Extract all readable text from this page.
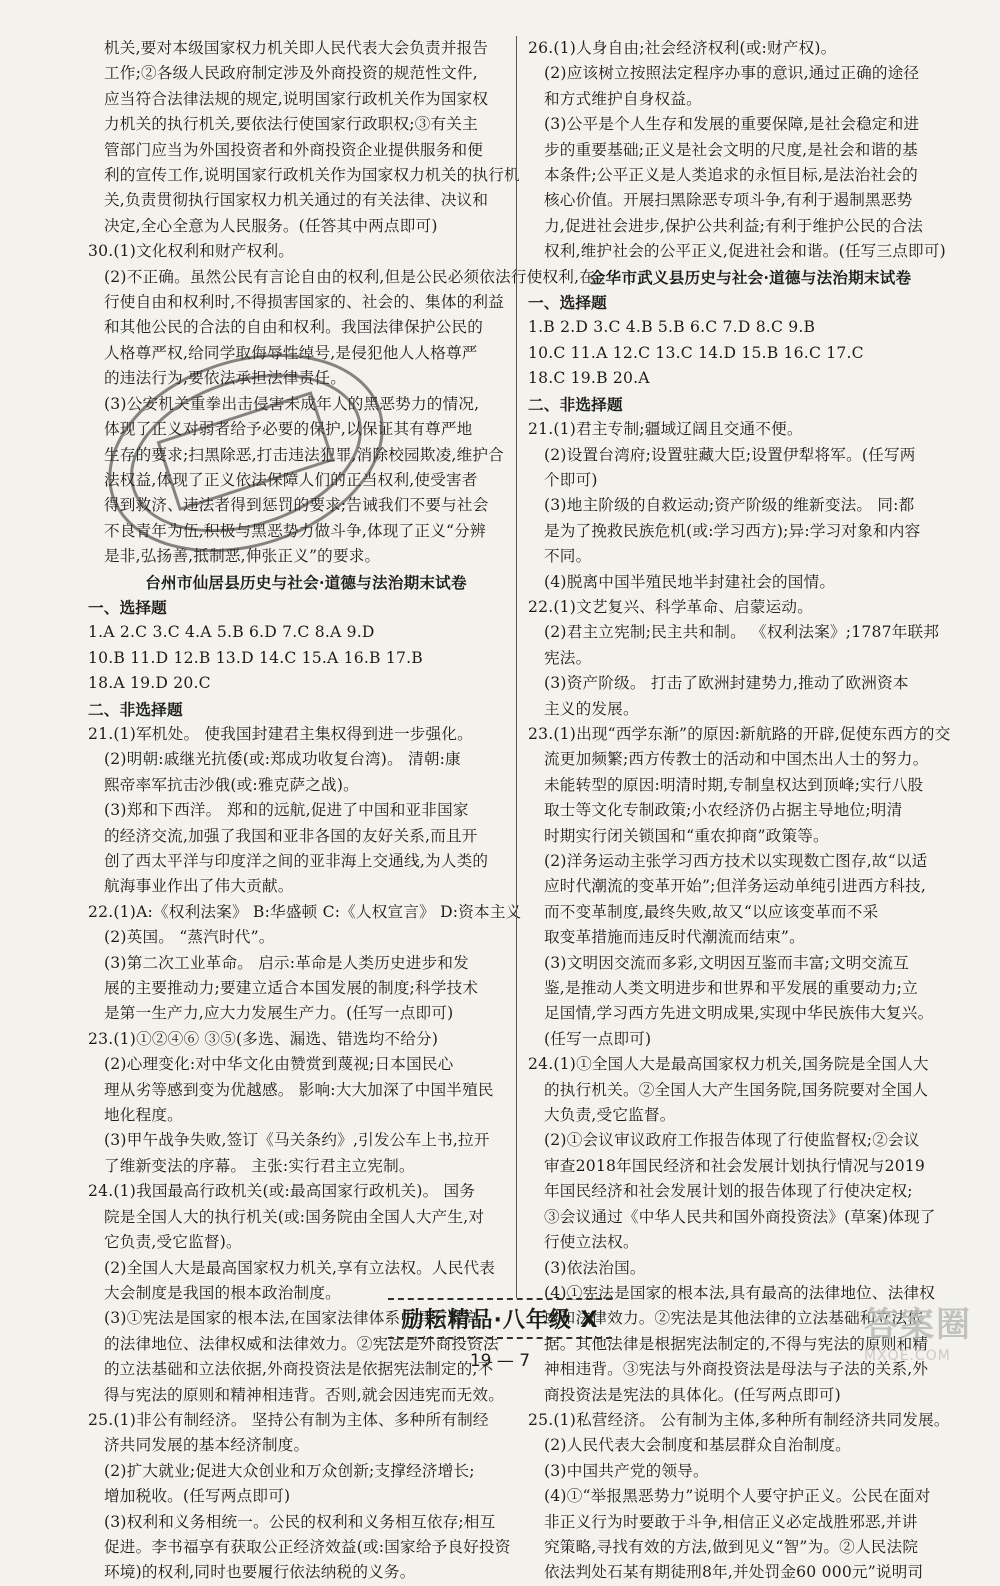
机关,要对本级国家权力机关即人民代表大会负责并报告
工作;②各级人民政府制定涉及外商投资的规范性文件,
应当符合法律法规的规定,说明国家行政机关作为国家权
力机关的执行机关,要依法行使国家行政职权;③有关主
管部门应当为外国投资者和外商投资企业提供服务和便
利的宣传工作,说明国家行政机关作为国家权力机关的执行机
关,负责贯彻执行国家权力机关通过的有关法律、决议和
决定,全心全意为人民服务。(任答其中两点即可)
30.(1)文化权利和财产权利。
(2)不正确。虽然公民有言论自由的权利,但是公民必须依法行使权利,在
行使自由和权利时,不得损害国家的、社会的、集体的利益
和其他公民的合法的自由和权利。我国法律保护公民的
人格尊严权,给同学取侮辱性绰号,是侵犯他人人格尊严
的违法行为,要依法承担法律责任。
(3)公安机关重拳出击侵害未成年人的黑恶势力的情况,
体现了正义对弱者给予必要的保护,以保证其有尊严地
生存的要求;扫黑除恶,打击违法犯罪,消除校园欺凌,维护合
法权益,体现了正义依法保障人们的正当权利,使受害者
得到救济、违法者得到惩罚的要求;告诫我们不要与社会
不良青年为伍,积极与黑恶势力做斗争,体现了正义“分辨
是非,弘扬善,抵制恶,伸张正义”的要求。
台州市仙居县历史与社会·道德与法治期末试卷
一、选择题
1.A 2.C 3.C 4.A 5.B 6.D 7.C 8.A 9.D
10.B 11.D 12.B 13.D 14.C 15.A 16.B 17.B
18.A 19.D 20.C
二、非选择题
21.(1)军机处。 使我国封建君主集权得到进一步强化。
(2)明朝:戚继光抗倭(或:郑成功收复台湾)。 清朝:康
熙帝率军抗击沙俄(或:雅克萨之战)。
(3)郑和下西洋。 郑和的远航,促进了中国和亚非国家
的经济交流,加强了我国和亚非各国的友好关系,而且开
创了西太平洋与印度洋之间的亚非海上交通线,为人类的
航海事业作出了伟大贡献。
22.(1)A:《权利法案》 B:华盛顿 C:《人权宣言》 D:资本主义
(2)英国。 “蒸汽时代”。
(3)第二次工业革命。 启示:革命是人类历史进步和发
展的主要推动力;要建立适合本国发展的制度;科学技术
是第一生产力,应大力发展生产力。(任写一点即可)
23.(1)①②④⑥ ③⑤(多选、漏选、错选均不给分)
(2)心理变化:对中华文化由赞赏到蔑视;日本国民心
理从劣等感到变为优越感。 影响:大大加深了中国半殖民
地化程度。
(3)甲午战争失败,签订《马关条约》,引发公车上书,拉开
了维新变法的序幕。 主张:实行君主立宪制。
24.(1)我国最高行政机关(或:最高国家行政机关)。 国务
院是全国人大的执行机关(或:国务院由全国人大产生,对
它负责,受它监督)。
(2)全国人大是最高国家权力机关,享有立法权。人民代表
大会制度是我国的根本政治制度。
(3)①宪法是国家的根本法,在国家法律体系中具有最高
的法律地位、法律权威和法律效力。②宪法是外商投资法
的立法基础和立法依据,外商投资法是依据宪法制定的,不
得与宪法的原则和精神相违背。否则,就会因违宪而无效。
25.(1)非公有制经济。 坚持公有制为主体、多种所有制经
济共同发展的基本经济制度。
(2)扩大就业;促进大众创业和万众创新;支撑经济增长;
增加税收。(任写两点即可)
(3)权利和义务相统一。公民的权利和义务相互依存;相互
促进。李书福享有获取公正经济效益(或:国家给予良好投资
环境)的权利,同时也要履行依法纳税的义务。
26.(1)人身自由;社会经济权利(或:财产权)。
(2)应该树立按照法定程序办事的意识,通过正确的途径
和方式维护自身权益。
(3)公平是个人生存和发展的重要保障,是社会稳定和进
步的重要基础;正义是社会文明的尺度,是社会和谐的基
本条件;公平正义是人类追求的永恒目标,是法治社会的
核心价值。开展扫黑除恶专项斗争,有利于遏制黑恶势
力,促进社会进步,保护公共利益;有利于维护公民的合法
权利,维护社会的公平正义,促进社会和谐。(任写三点即可)
金华市武义县历史与社会·道德与法治期末试卷
一、选择题
1.B 2.D 3.C 4.B 5.B 6.C 7.D 8.C 9.B
10.C 11.A 12.C 13.C 14.D 15.B 16.C 17.C
18.C 19.B 20.A
二、非选择题
21.(1)君主专制;疆域辽阔且交通不便。
(2)设置台湾府;设置驻藏大臣;设置伊犁将军。(任写两
个即可)
(3)地主阶级的自救运动;资产阶级的维新变法。 同:都
是为了挽救民族危机(或:学习西方);异:学习对象和内容
不同。
(4)脱离中国半殖民地半封建社会的国情。
22.(1)文艺复兴、科学革命、启蒙运动。
(2)君主立宪制;民主共和制。 《权利法案》;1787年联邦
宪法。
(3)资产阶级。 打击了欧洲封建势力,推动了欧洲资本
主义的发展。
23.(1)出现“西学东渐”的原因:新航路的开辟,促使东西方的交
流更加频繁;西方传教士的活动和中国杰出人士的努力。
未能转型的原因:明清时期,专制皇权达到顶峰;实行八股
取士等文化专制政策;小农经济仍占据主导地位;明清
时期实行闭关锁国和“重农抑商”政策等。
(2)洋务运动主张学习西方技术以实现数亡图存,故“以适
应时代潮流的变革开始”;但洋务运动单纯引进西方科技,
而不变革制度,最终失败,故又“以应该变革而不采
取变革措施而违反时代潮流而结束”。
(3)文明因交流而多彩,文明因互鉴而丰富;文明交流互
鉴,是推动人类文明进步和世界和平发展的重要动力;立
足国情,学习西方先进文明成果,实现中华民族伟大复兴。
(任写一点即可)
24.(1)①全国人大是最高国家权力机关,国务院是全国人大
的执行机关。②全国人大产生国务院,国务院要对全国人
大负责,受它监督。
(2)①会议审议政府工作报告体现了行使监督权;②会议
审查2018年国民经济和社会发展计划执行情况与2019
年国民经济和社会发展计划的报告体现了行使决定权;
③会议通过《中华人民共和国外商投资法》(草案)体现了
行使立法权。
(3)依法治国。
(4)①宪法是国家的根本法,具有最高的法律地位、法律权
威和法律效力。②宪法是其他法律的立法基础和立法依
据。其他法律是根据宪法制定的,不得与宪法的原则和精
神相违背。③宪法与外商投资法是母法与子法的关系,外
商投资法是宪法的具体化。(任写两点即可)
25.(1)私营经济。 公有制为主体,多种所有制经济共同发展。
(2)人民代表大会制度和基层群众自治制度。
(3)中国共产党的领导。
(4)①“举报黑恶势力”说明个人要守护正义。公民在面对
非正义行为时要敢于斗争,相信正义必定战胜邪恶,并讲
究策略,寻找有效的方法,做到见义“智”为。②人民法院
依法判处石某有期徒刑8年,并处罚金60 000元”说明司
励耘精品·八年级 X
19 — 7
答案圈
MXQE.COM
